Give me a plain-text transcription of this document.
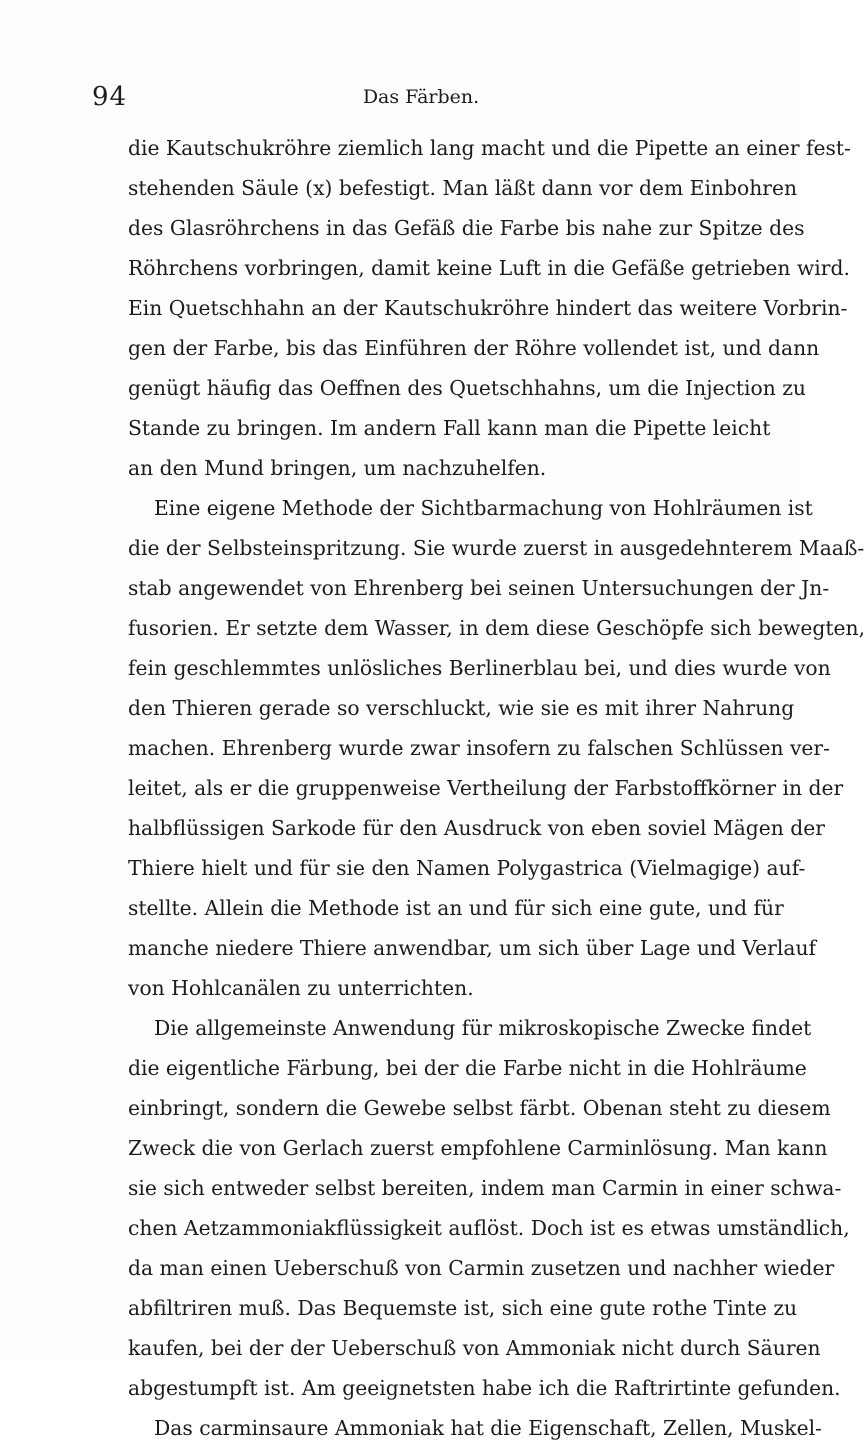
94	Das Färben.
die Kautschukröhre ziemlich lang macht und die Pipette an einer fest-
stehenden Säule (x) befestigt. Man läßt dann vor dem Einbohren
des Glasröhrchens in das Gefäß die Farbe bis nahe zur Spitze des
Röhrchens vorbringen, damit keine Luft in die Gefäße getrieben wird.
Ein Quetschhahn an der Kautschukröhre hindert das weitere Vorbrin-
gen der Farbe, bis das Einführen der Röhre vollendet ist, und dann
genügt häufig das Oeffnen des Quetschhahns, um die Injection zu
Stande zu bringen. Im andern Fall kann man die Pipette leicht
an den Mund bringen, um nachzuhelfen.
Eine eigene Methode der Sichtbarmachung von Hohlräumen ist
die der Selbsteinspritzung. Sie wurde zuerst in ausgedehnterem Maaß-
stab angewendet von Ehrenberg bei seinen Untersuchungen der Jn-
fusorien. Er setzte dem Wasser, in dem diese Geschöpfe sich bewegten,
fein geschlemmtes unlösliches Berlinerblau bei, und dies wurde von
den Thieren gerade so verschluckt, wie sie es mit ihrer Nahrung
machen. Ehrenberg wurde zwar insofern zu falschen Schlüssen ver-
leitet, als er die gruppenweise Vertheilung der Farbstoffkörner in der
halbflüssigen Sarkode für den Ausdruck von eben soviel Mägen der
Thiere hielt und für sie den Namen Polygastrica (Vielmagige) auf-
stellte. Allein die Methode ist an und für sich eine gute, und für
manche niedere Thiere anwendbar, um sich über Lage und Verlauf
von Hohlcanälen zu unterrichten.
Die allgemeinste Anwendung für mikroskopische Zwecke findet
die eigentliche Färbung, bei der die Farbe nicht in die Hohlräume
einbringt, sondern die Gewebe selbst färbt. Obenan steht zu diesem
Zweck die von Gerlach zuerst empfohlene Carminlösung. Man kann
sie sich entweder selbst bereiten, indem man Carmin in einer schwa-
chen Aetzammoniakflüssigkeit auflöst. Doch ist es etwas umständlich,
da man einen Ueberschuß von Carmin zusetzen und nachher wieder
abfiltriren muß. Das Bequemste ist, sich eine gute rothe Tinte zu
kaufen, bei der der Ueberschuß von Ammoniak nicht durch Säuren
abgestumpft ist. Am geeignetsten habe ich die Raftrirtinte gefunden.
Das carminsaure Ammoniak hat die Eigenschaft, Zellen, Muskel-
